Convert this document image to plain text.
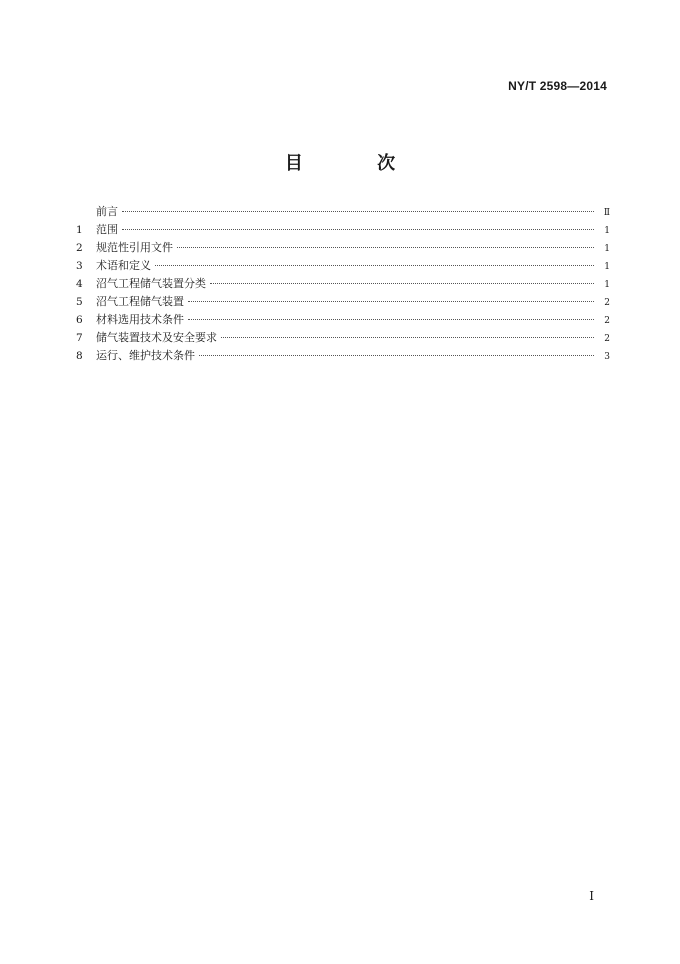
NY/T 2598—2014
目 次
前言	Ⅱ
1	范围	1
2	规范性引用文件	1
3	术语和定义	1
4	沼气工程储气装置分类	1
5	沼气工程储气装置	2
6	材料选用技术条件	2
7	储气装置技术及安全要求	2
8	运行、维护技术条件	3
Ⅰ
